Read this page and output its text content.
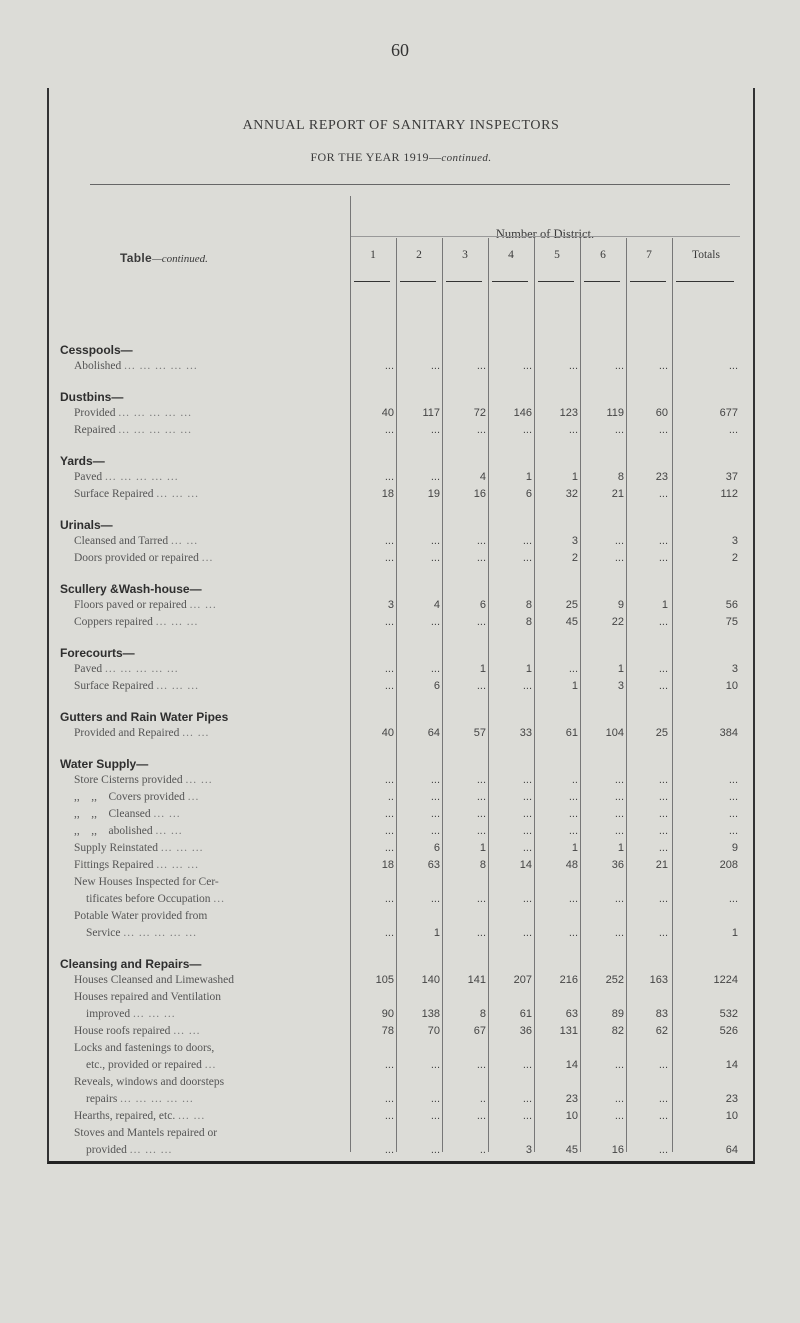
60
ANNUAL REPORT OF SANITARY INSPECTORS
FOR THE YEAR 1919—continued.
Table—continued.
Number of District.
1	2	3	4	5	6	7	Totals
Cesspools—
Abolished ... ... ... ... ...	...	...	...	...	...	...	...	...
Dustbins—
Provided ... ... ... ... ...	40	117	72	146	123	119	60	677
Repaired ... ... ... ... ...	...	...	...	...	...	...	...	...
Yards—
Paved ... ... ... ... ...	...	...	4	1	1	8	23	37
Surface Repaired ... ... ...	18	19	16	6	32	21	...	112
Urinals—
Cleansed and Tarred ... ...	...	...	...	...	3	...	...	3
Doors provided or repaired ...	...	...	...	...	2	...	...	2
Scullery &Wash-house—
Floors paved or repaired ... ...	3	4	6	8	25	9	1	56
Coppers repaired ... ... ...	...	...	...	8	45	22	...	75
Forecourts—
Paved ... ... ... ... ...	...	...	1	1	...	1	...	3
Surface Repaired ... ... ...	...	6	...	...	1	3	...	10
Gutters and Rain Water Pipes
Provided and Repaired ... ...	40	64	57	33	61	104	25	384
Water Supply—
Store Cisterns provided ... ...	...	...	...	...	..	...	...	...
,,    ,,    Covers provided ...	..	...	...	...	...	...	...	...
,,    ,,    Cleansed ... ...	...	...	...	...	...	...	...	...
,,    ,,    abolished ... ...	...	...	...	...	...	...	...	...
Supply Reinstated ... ... ...	...	6	1	...	1	1	...	9
Fittings Repaired ... ... ...	18	63	8	14	48	36	21	208
New Houses Inspected for Cer-
tificates before Occupation ...	...	...	...	...	...	...	...	...
Potable Water provided from
Service ... ... ... ... ...	...	1	...	...	...	...	...	1
Cleansing and Repairs—
Houses Cleansed and Limewashed	105	140	141	207	216	252	163	1224
Houses repaired and Ventilation
improved ... ... ...	90	138	8	61	63	89	83	532
House roofs repaired ... ...	78	70	67	36	131	82	62	526
Locks and fastenings to doors,
etc., provided or repaired ...	...	...	...	...	14	...	...	14
Reveals, windows and doorsteps
repairs ... ... ... ... ...	...	...	..	...	23	...	...	23
Hearths, repaired, etc. ... ...	...	...	...	...	10	...	...	10
Stoves and Mantels repaired or
provided ... ... ...	...	...	..	3	45	16	...	64
